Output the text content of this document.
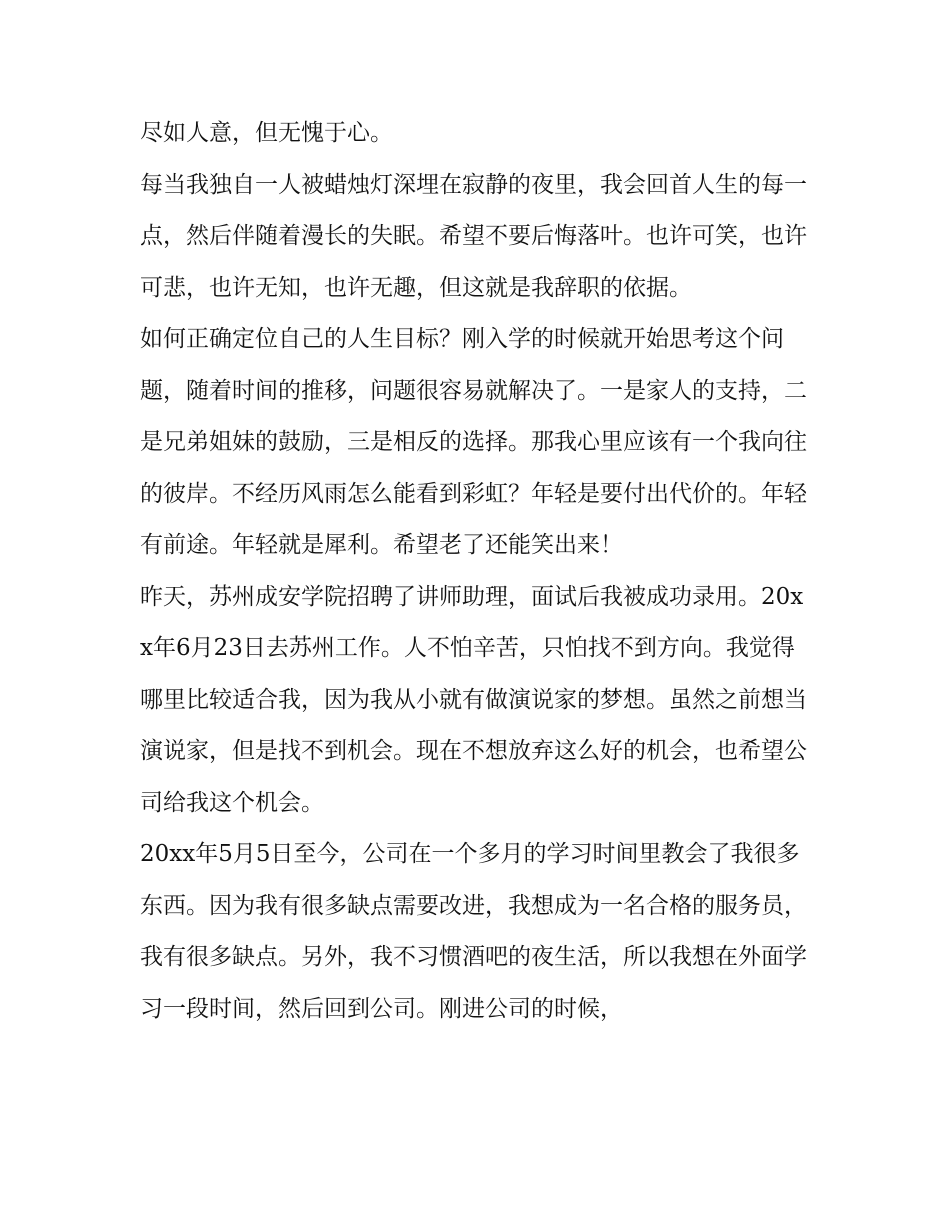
尽如人意，但无愧于心。

每当我独自一人被蜡烛灯深埋在寂静的夜里，我会回首人生的每一点，然后伴随着漫长的失眠。希望不要后悔落叶。也许可笑，也许可悲，也许无知，也许无趣，但这就是我辞职的依据。

如何正确定位自己的人生目标？刚入学的时候就开始思考这个问题，随着时间的推移，问题很容易就解决了。一是家人的支持，二是兄弟姐妹的鼓励，三是相反的选择。那我心里应该有一个我向往的彼岸。不经历风雨怎么能看到彩虹？年轻是要付出代价的。年轻有前途。年轻就是犀利。希望老了还能笑出来！

昨天，苏州成安学院招聘了讲师助理，面试后我被成功录用。20xx年6月23日去苏州工作。人不怕辛苦，只怕找不到方向。我觉得哪里比较适合我，因为我从小就有做演说家的梦想。虽然之前想当演说家，但是找不到机会。现在不想放弃这么好的机会，也希望公司给我这个机会。

20xx年5月5日至今，公司在一个多月的学习时间里教会了我很多东西。因为我有很多缺点需要改进，我想成为一名合格的服务员，我有很多缺点。另外，我不习惯酒吧的夜生活，所以我想在外面学习一段时间，然后回到公司。刚进公司的时候，
